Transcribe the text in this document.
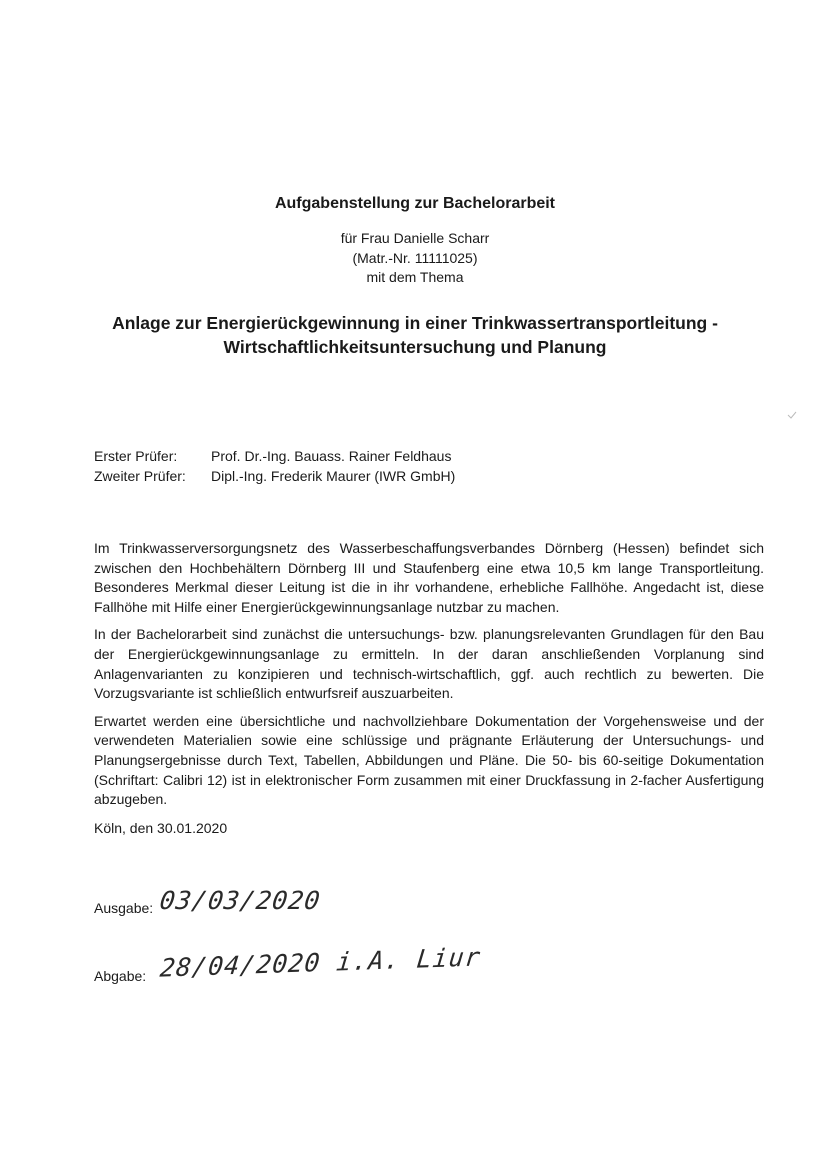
Aufgabenstellung zur Bachelorarbeit
für Frau Danielle Scharr
(Matr.-Nr. 11111025)
mit dem Thema
Anlage zur Energierückgewinnung in einer Trinkwassertransportleitung -
Wirtschaftlichkeitsuntersuchung und Planung
Erster Prüfer:	Prof. Dr.-Ing. Bauass. Rainer Feldhaus
Zweiter Prüfer:	Dipl.-Ing. Frederik Maurer (IWR GmbH)

Im Trinkwasserversorgungsnetz des Wasserbeschaffungsverbandes Dörnberg (Hessen) befindet sich zwischen den Hochbehältern Dörnberg III und Staufenberg eine etwa 10,5 km lange Transportleitung. Besonderes Merkmal dieser Leitung ist die in ihr vorhandene, erhebliche Fallhöhe. Angedacht ist, diese Fallhöhe mit Hilfe einer Energierückgewinnungsanlage nutzbar zu machen.

In der Bachelorarbeit sind zunächst die untersuchungs- bzw. planungsrelevanten Grundlagen für den Bau der Energierückgewinnungsanlage zu ermitteln. In der daran anschließenden Vorplanung sind Anlagenvarianten zu konzipieren und technisch-wirtschaftlich, ggf. auch rechtlich zu bewerten. Die Vorzugsvariante ist schließlich entwurfsreif auszuarbeiten.

Erwartet werden eine übersichtliche und nachvollziehbare Dokumentation der Vorgehensweise und der verwendeten Materialien sowie eine schlüssige und prägnante Erläuterung der Untersuchungs- und Planungsergebnisse durch Text, Tabellen, Abbildungen und Pläne. Die 50- bis 60-seitige Dokumentation (Schriftart: Calibri 12) ist in elektronischer Form zusammen mit einer Druckfassung in 2-facher Ausfertigung abzugeben.

Köln, den 30.01.2020
Ausgabe: 03/03/2020
Abgabe: 28/04/2020 i.A. Liur
